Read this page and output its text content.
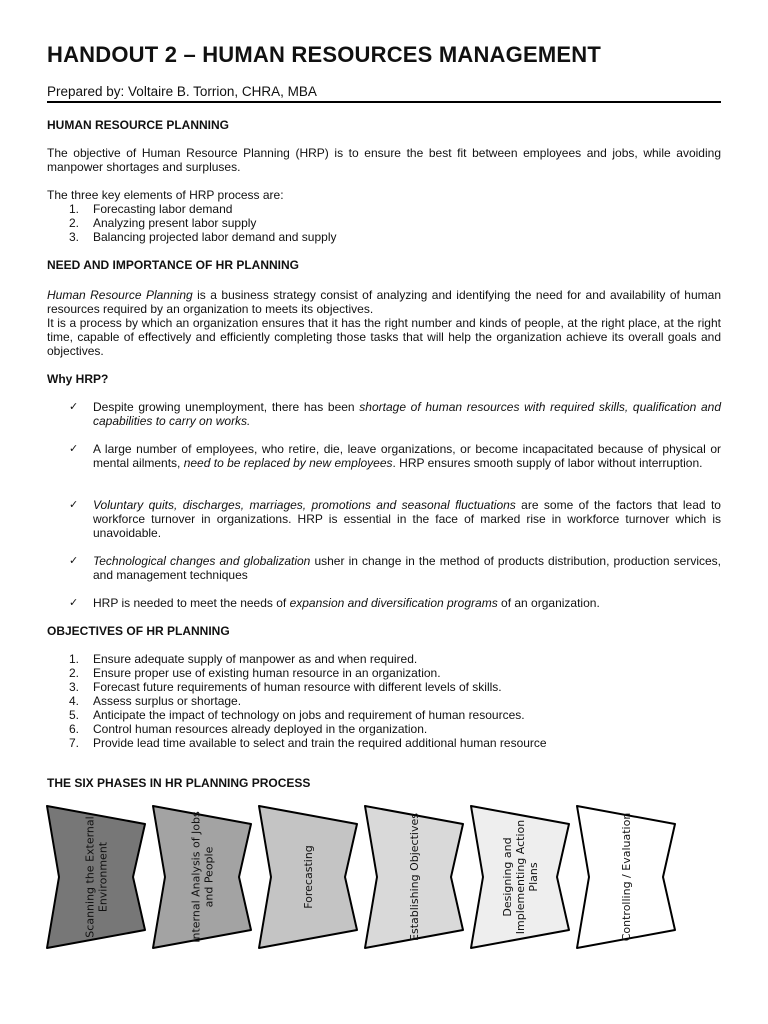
HANDOUT 2 – HUMAN RESOURCES MANAGEMENT
Prepared by: Voltaire B. Torrion, CHRA, MBA
HUMAN RESOURCE PLANNING
The objective of Human Resource Planning (HRP) is to ensure the best fit between employees and jobs, while avoiding manpower shortages and surpluses.
The three key elements of HRP process are:
1. Forecasting labor demand
2. Analyzing present labor supply
3. Balancing projected labor demand and supply
NEED AND IMPORTANCE OF HR PLANNING
Human Resource Planning is a business strategy consist of analyzing and identifying the need for and availability of human resources required by an organization to meets its objectives.
It is a process by which an organization ensures that it has the right number and kinds of people, at the right place, at the right time, capable of effectively and efficiently completing those tasks that will help the organization achieve its overall goals and objectives.
Why HRP?
✓ Despite growing unemployment, there has been shortage of human resources with required skills, qualification and capabilities to carry on works.
✓ A large number of employees, who retire, die, leave organizations, or become incapacitated because of physical or mental ailments, need to be replaced by new employees. HRP ensures smooth supply of labor without interruption.
✓ Voluntary quits, discharges, marriages, promotions and seasonal fluctuations are some of the factors that lead to workforce turnover in organizations. HRP is essential in the face of marked rise in workforce turnover which is unavoidable.
✓ Technological changes and globalization usher in change in the method of products distribution, production services, and management techniques
✓ HRP is needed to meet the needs of expansion and diversification programs of an organization.
OBJECTIVES OF HR PLANNING
1. Ensure adequate supply of manpower as and when required.
2. Ensure proper use of existing human resource in an organization.
3. Forecast future requirements of human resource with different levels of skills.
4. Assess surplus or shortage.
5. Anticipate the impact of technology on jobs and requirement of human resources.
6. Control human resources already deployed in the organization.
7. Provide lead time available to select and train the required additional human resource
THE SIX PHASES IN HR PLANNING PROCESS
Scanning the ExternalEnvironment	Internal Analysis of Jobsand People	Forecasting	Establishing Objectives	Designing andImplementing ActionPlans	Controlling / Evaluation
